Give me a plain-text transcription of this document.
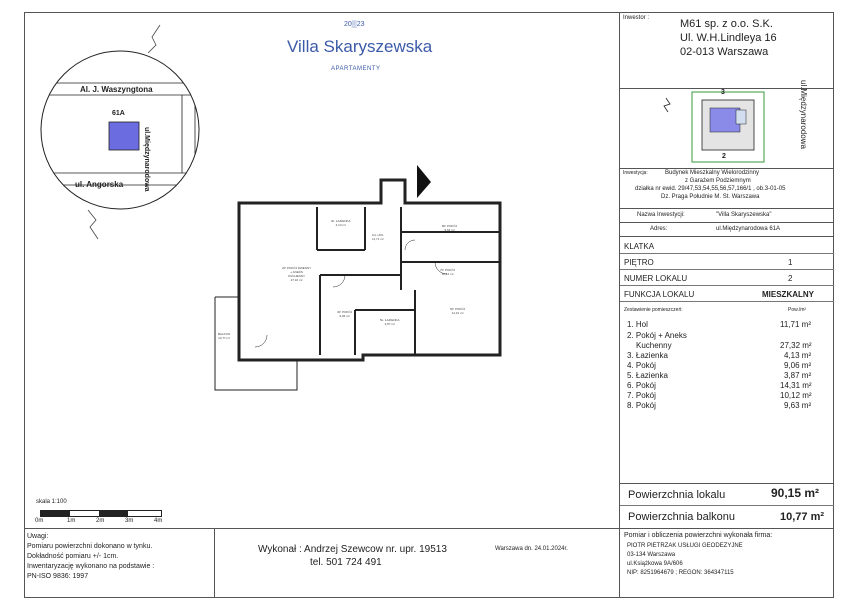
20▒23
Villa Skaryszewska
APARTAMENTY
Al. J. Waszyngtona
ul. Angorska
61A
ul.Międzynarodowa
2P. POKÓJ DZIENNY
+ ANEKS
KUCHENNY
27,32 m²
3Ł. ŁAZIENKA
4,13 m²
1H. HOL
11,71 m²
8P. POKÓJ
9,63 m²
7P. POKÓJ
10,12 m²
4P. POKÓJ
9,06 m²
5Ł. ŁAZIENKA
3,87 m²
6P. POKÓJ
14,31 m²
BALKON
10,77 m²
skala 1:100
0m	1m	2m	3m	4m
Uwagi:
Pomiaru powierzchni dokonano w tynku.
Dokładność pomiaru +/- 1cm.
Inwentaryzację wykonano na podstawie :
PN-ISO 9836: 1997
Wykonał : Andrzej Szewcow nr. upr. 19513
tel. 501 724 491
Warszawa dn. 24.01.2024r.
Inwestor :	M61 sp. z o.o. S.K.
Ul. W.H.Lindleya 16
02-013 Warszawa
3
2
ul.Międzynarodowa
Inwestycja:	Budynek Mieszkalny Wielorodzinny
z Garażem Podziemnym
działka nr ewid. 29/47,53,54,55,56,57,166/1 , ob.3-01-05
Dz. Praga Południe M. St. Warszawa
Nazwa Inwestycji:	"Villa Skaryszewska"
Adres:	ul.Międzynarodowa 61A
KLATKA
PIĘTRO	1
NUMER LOKALU	2
FUNKCJA LOKALU	MIESZKALNY
Zestawienie pomieszczeń:	Pow./m²
1. Hol	11,71 m²
2. Pokój + Aneks
Kuchenny	27,32 m²
3. Łazienka	4,13 m²
4. Pokój	9,06 m²
5. Łazienka	3,87 m²
6. Pokój	14,31 m²
7. Pokój	10,12 m²
8. Pokój	9,63 m²
Powierzchnia lokalu	90,15 m²
Powierzchnia balkonu	10,77 m²
Pomiar i obliczenia powierzchni wykonała firma:
PIOTR PIETRZAK USŁUGI GEODEZYJNE
03-134 Warszawa
ul.Książkowa 9A/606
NIP: 8251964679 ; REGON: 364347115
